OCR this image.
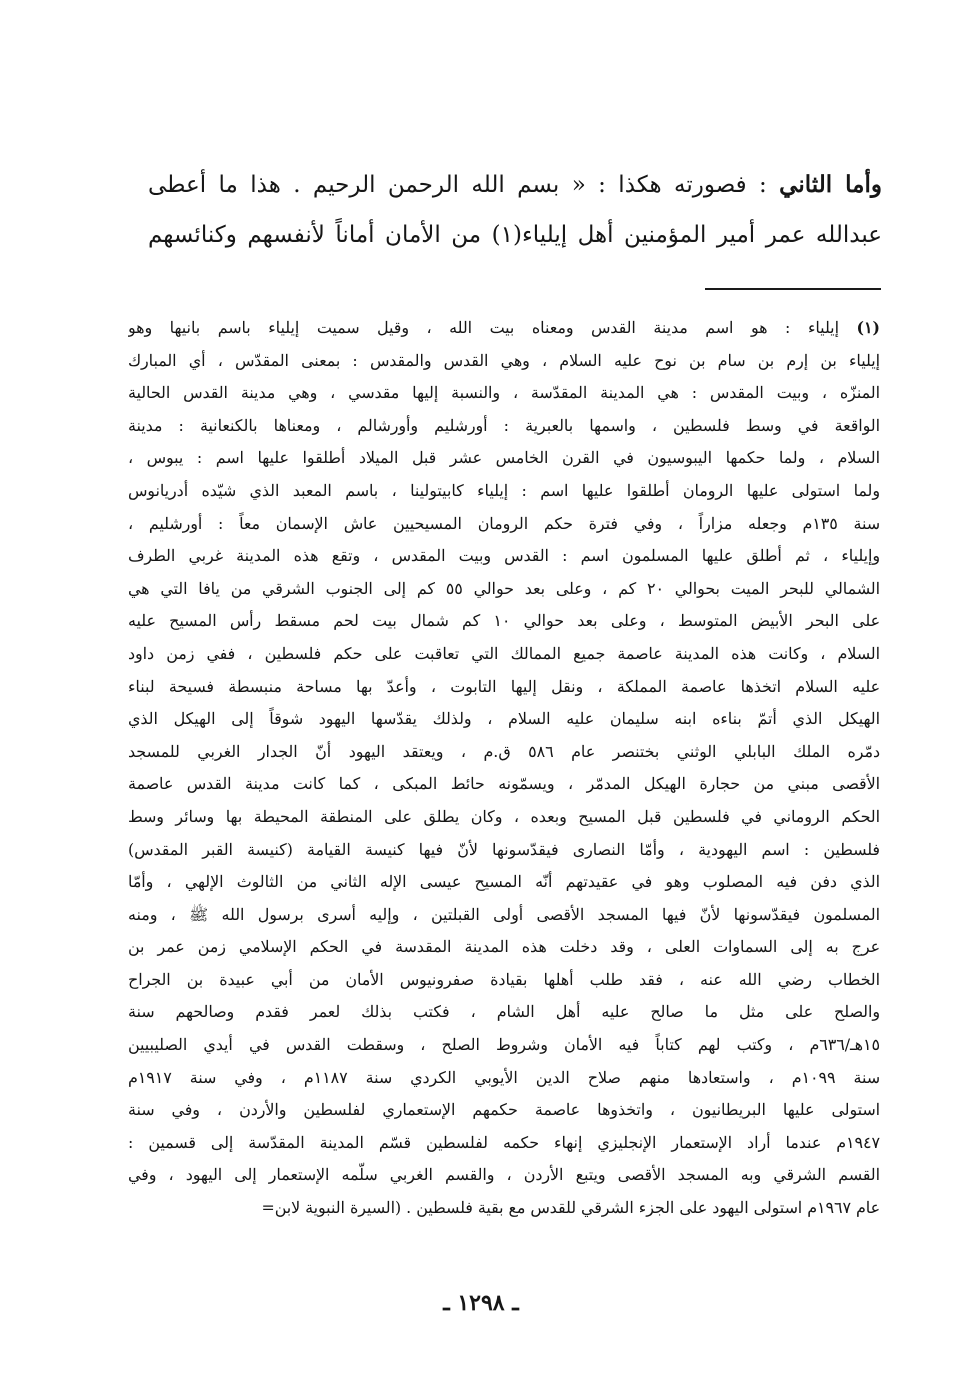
وأما الثاني : فصورته هكذا : « بسم الله الرحمن الرحيم . هذا ما أعطى
عبدالله عمر أمير المؤمنين أهل إيلياء(١) من الأمان أماناً لأنفسهم وكنائسهم
(١) إيلياء : هو اسم مدينة القدس ومعناه بيت الله ، وقيل سميت إيلياء باسم بانيها وهو
إيلياء بن إرم بن سام بن نوح عليه السلام ، وهي القدس والمقدس : بمعنى المقدّس ، أي المبارك
المنزّه ، وبيت المقدس : هي المدينة المقدّسة ، والنسبة إليها مقدسي ، وهي مدينة القدس الحالية
الواقعة في وسط فلسطين ، واسمها بالعبرية : أورشليم وأورشالم ، ومعناها بالكنعانية : مدينة
السلام ، ولما حكمها اليبوسيون في القرن الخامس عشر قبل الميلاد أطلقوا عليها اسم : يبوس ،
ولما استولى عليها الرومان أطلقوا عليها اسم : إيلياء كابيتولينا ، باسم المعبد الذي شيّده أدريانوس
سنة ١٣٥م وجعله مزاراً ، وفي فترة حكم الرومان المسيحيين عاش الإسمان معاً : أورشليم ،
وإيلياء ، ثم أطلق عليها المسلمون اسم : القدس وبيت المقدس ، وتقع هذه المدينة غربي الطرف
الشمالي للبحر الميت بحوالي ٢٠ كم ، وعلى بعد حوالي ٥٥ كم إلى الجنوب الشرقي من يافا التي هي
على البحر الأبيض المتوسط ، وعلى بعد حوالي ١٠ كم شمال بيت لحم مسقط رأس المسيح عليه
السلام ، وكانت هذه المدينة عاصمة جميع الممالك التي تعاقبت على حكم فلسطين ، ففي زمن داود
عليه السلام اتخذها عاصمة المملكة ، ونقل إليها التابوت ، وأعدّ بها مساحة منبسطة فسيحة لبناء
الهيكل الذي أتمّ بناءه ابنه سليمان عليه السلام ، ولذلك يقدّسها اليهود شوقاً إلى الهيكل الذي
دمّره الملك البابلي الوثني بختنصر عام ٥٨٦ ق.م ، ويعتقد اليهود أنّ الجدار الغربي للمسجد
الأقصى مبني من حجارة الهيكل المدمّر ، ويسمّونه حائط المبكى ، كما كانت مدينة القدس عاصمة
الحكم الروماني في فلسطين قبل المسيح وبعده ، وكان يطلق على المنطقة المحيطة بها وسائر وسط
فلسطين : اسم اليهودية ، وأمّا النصارى فيقدّسونها لأنّ فيها كنيسة القيامة (كنيسة القبر المقدس)
الذي دفن فيه المصلوب وهو في عقيدتهم أنّه المسيح عيسى الإله الثاني من الثالوث الإلهي ، وأمّا
المسلمون فيقدّسونها لأنّ فيها المسجد الأقصى أولى القبلتين ، وإليه أسرى برسول الله ﷺ ، ومنه
عرج به إلى السماوات العلى ، وقد دخلت هذه المدينة المقدسة في الحكم الإسلامي زمن عمر بن
الخطاب رضي الله عنه ، فقد طلب أهلها بقيادة صفرونيوس الأمان من أبي عبيدة بن الجراح
والصلح على مثل ما صالح عليه أهل الشام ، فكتب بذلك لعمر فقدم وصالحهم سنة
١٥هـ/٦٣٦م ، وكتب لهم كتاباً فيه الأمان وشروط الصلح ، وسقطت القدس في أيدي الصليبيين
سنة ١٠٩٩م ، واستعادها منهم صلاح الدين الأيوبي الكردي سنة ١١٨٧م ، وفي سنة ١٩١٧م
استولى عليها البريطانيون ، واتخذوها عاصمة حكمهم الإستعماري لفلسطين والأردن ، وفي سنة
١٩٤٧م عندما أراد الإستعمار الإنجليزي إنهاء حكمه لفلسطين قسّم المدينة المقدّسة إلى قسمين :
القسم الشرقي وبه المسجد الأقصى ويتبع الأردن ، والقسم الغربي سلّمه الإستعمار إلى اليهود ، وفي
عام ١٩٦٧م استولى اليهود على الجزء الشرقي للقدس مع بقية فلسطين . (السيرة النبوية لابن=
ـ ١٢٩٨ ـ
